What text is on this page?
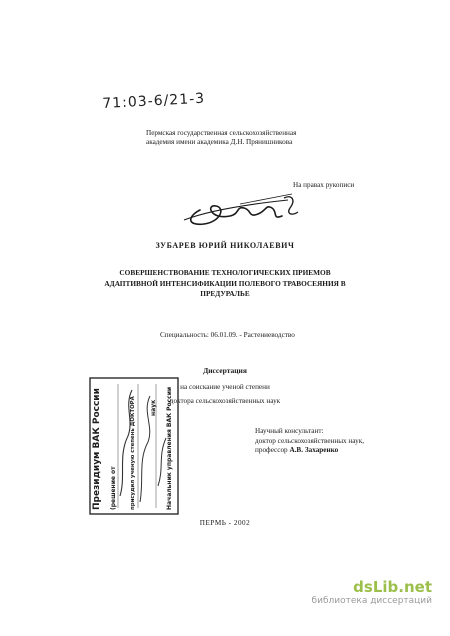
71:03-6/21-3
Пермская государственная сельскохозяйственная
академия имени академика Д.Н. Прянишникова
На правах рукописи
ЗУБАРЕВ ЮРИЙ НИКОЛАЕВИЧ
СОВЕРШЕНСТВОВАНИЕ ТЕХНОЛОГИЧЕСКИХ ПРИЕМОВ
АДАПТИВНОЙ ИНТЕНСИФИКАЦИИ ПОЛЕВОГО ТРАВОСЕЯНИЯ В
ПРЕДУРАЛЬЕ
Специальность: 06.01.09. - Растениеводство
Диссертация
на соискание ученой степени
доктора сельскохозяйственных наук
Научный консультант:
доктор сельскохозяйственных наук,
профессор А.В. Захаренко
ПЕРМЬ - 2002
Президиум ВАК России (решение от присудил ученую степень ДОКТОРА наук Начальник управления ВАК России
dsLib.net
библиотека диссертаций
